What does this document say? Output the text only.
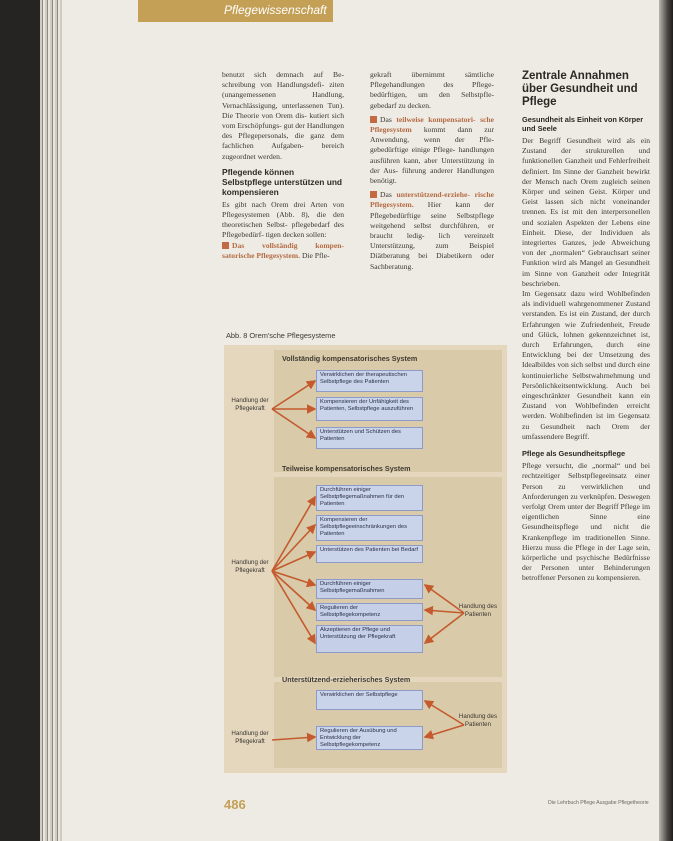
Pflegewissenschaft

benutzt sich demnach auf Be- schreibung von Handlungsdefi- ziten (unangemessenen Handlung, Vernachlässigung, unterlassenen Tun). Die Theorie von Orem dis- kutiert sich vom Erschöpfungs- gut der Handlungen des Pflegepersonals, die ganz dem fachlichen Aufgaben- bereich zugeordnet werden.

Pflegende können Selbstpflege unterstützen und kompensieren

Es gibt nach Orem drei Arten von Pflegesystemen (Abb. 8), die den theoretischen Selbst- pflegebedarf des Pflegebedürf- tigen decken sollen:

Das vollständig kompen- satorische Pflegesystem. Die Pfle-

gekraft übernimmt sämtliche Pflegehandlungen des Pflege- bedürftigen, um den Selbstpfle- gebedarf zu decken.

Das teilweise kompensatori- sche Pflegesystem kommt dann zur Anwendung, wenn der Pfle- gebedürftige einige Pflege- handlungen ausführen kann, aber Unterstützung in der Aus- führung anderer Handlungen benötigt.

Das unterstützend-erziehe- rische Pflegesystem. Hier kann der Pflegebedürftige seine Selbstpflege weitgehend selbst durchführen, er braucht ledig- lich vereinzelt Unterstützung, zum Beispiel Diätberatung bei Diabetikern oder Sachberatung.

Zentrale Annahmen über Gesundheit und Pflege
Gesundheit als Einheit von Körper und Seele

Der Begriff Gesundheit wird als ein Zustand der strukturellen und funktionellen Ganzheit und Fehlerfreiheit definiert. Im Sinne der Ganzheit bewirkt der Mensch nach Orem zugleich seinen Körper und seinen Geist. Körper und Geist lassen sich nicht voneinander trennen. Es ist mit den interpersonellen und sozialen Aspekten der Lebens eine Einheit. Diese, der Individuen als integriertes Ganzes, jede Abweichung von der „normalen“ Gebrauchsart seiner Funktion wird als Mangel an Gesundheit im Sinne von Ganzheit oder Integrität beschrieben.

Im Gegensatz dazu wird Wohlbefinden als individuell wahrgenommener Zustand verstanden. Es ist ein Zustand, der durch Erfahrungen wie Zufriedenheit, Freude und Glück, lohnen gekennzeichnet ist, durch Erfahrungen, durch eine Entwicklung bei der Umsetzung des Idealbildes von sich selbst und durch eine kontinuierliche Selbstwahrnehmung und Persönlichkeitsentwicklung. Auch bei eingeschränkter Gesundheit kann ein Zustand von Wohlbefinden erreicht werden. Wohlbefinden ist im Gegensatz zu Gesundheit nach Orem der umfassendere Begriff.

Pflege als Gesundheitspflege

Pflege versucht, die „normal“ und bei rechtzeitiger Selbstpflegeeinsatz einer Person zu verwirklichen und Anforderungen zu verknüpfen. Deswegen verfolgt Orem unter der Begriff Pflege im eigentlichen Sinne eine Gesundheitspflege und nicht die Krankenpflege im traditionellen Sinne. Hierzu muss die Pflege in der Lage sein, körperliche und psychische Bedürfnisse der Personen unter Behinderungen betroffener Personen zu kompensieren.

Abb. 8 Orem'sche Pflegesysteme
Vollständig kompensatorisches System
Handlung der Pflegekraft
Verwirklichen der therapeutischen Selbstpflege des Patienten
Kompensieren der Unfähigkeit des Patienten, Selbstpflege auszuführen
Unterstützen und Schützen des Patienten
Teilweise kompensatorisches System
Handlung der Pflegekraft
Handlung des Patienten
Durchführen einiger Selbstpflegemaßnahmen für den Patienten
Kompensieren der Selbstpflegeeinschränkungen des Patienten
Unterstützen des Patienten bei Bedarf
Durchführen einiger Selbstpflegemaßnahmen
Regulieren der Selbstpflegekompetenz
Akzeptieren der Pflege und Unterstützung der Pflegekraft
Unterstützend-erzieherisches System
Handlung der Pflegekraft
Handlung des Patienten
Verwirklichen der Selbstpflege
Regulieren der Ausübung und Entwicklung der Selbstpflegekompetenz
486	Die Lehrbuch Pflege Ausgabe Pflegetheorie
